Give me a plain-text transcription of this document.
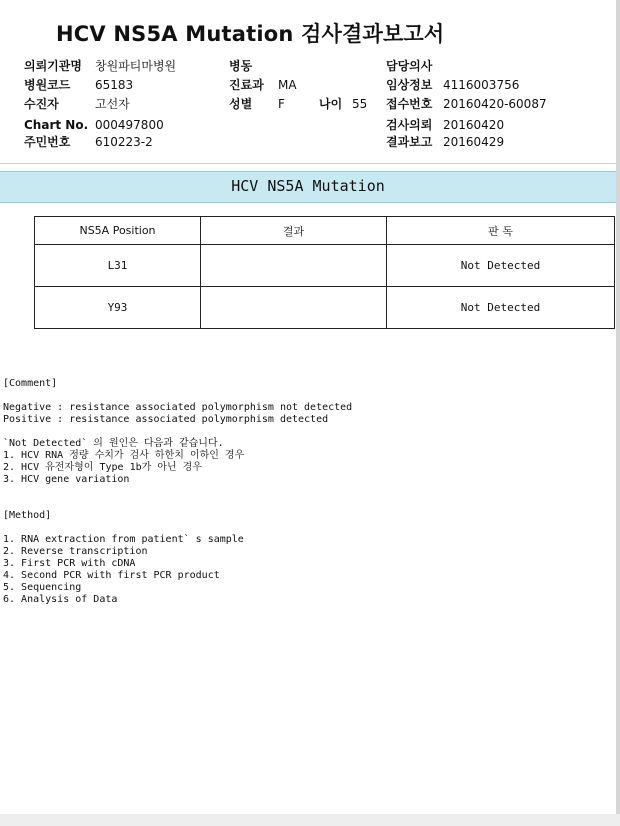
HCV NS5A Mutation 검사결과보고서
의뢰기관명 창원파티마병원	병동	담당의사
병원코드 65183	진료과 MA	임상정보 4116003756
수진자	고선자	성별 F	나이 55 접수번호 20160420-60087
Chart No. 000497800	검사의뢰 20160420
주민번호 610223-2	결과보고 20160429
HCV NS5A Mutation
NS5A Position	결과	판 독
L31		Not Detected
Y93		Not Detected
[Comment]
Negative : resistance associated polymorphism not detected
Positive : resistance associated polymorphism detected
`Not Detected` 의 원인은 다음과 같습니다.
1. HCV RNA 정량 수치가 검사 하한치 이하인 경우
2. HCV 유전자형이 Type 1b가 아닌 경우
3. HCV gene variation
[Method]
1. RNA extraction from patient` s sample
2. Reverse transcription
3. First PCR with cDNA
4. Second PCR with first PCR product
5. Sequencing
6. Analysis of Data
